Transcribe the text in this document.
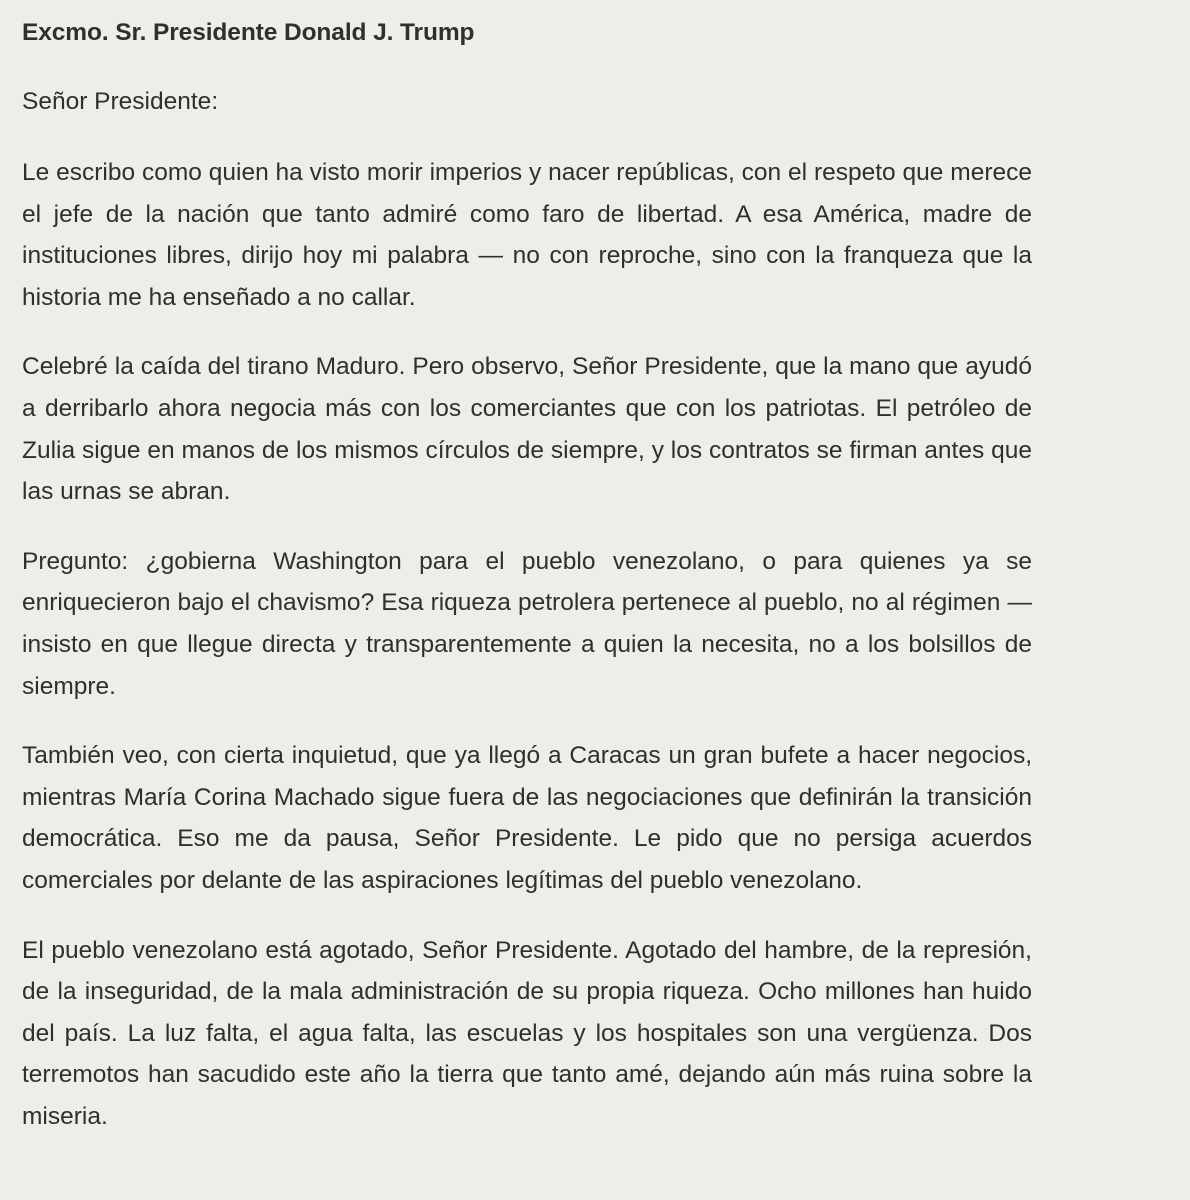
Excmo. Sr. Presidente Donald J. Trump
Señor Presidente:

Le escribo como quien ha visto morir imperios y nacer repúblicas, con el respeto que merece el jefe de la nación que tanto admiré como faro de libertad. A esa América, madre de instituciones libres, dirijo hoy mi palabra — no con reproche, sino con la franqueza que la historia me ha enseñado a no callar.

Celebré la caída del tirano Maduro. Pero observo, Señor Presidente, que la mano que ayudó a derribarlo ahora negocia más con los comerciantes que con los patriotas. El petróleo de Zulia sigue en manos de los mismos círculos de siempre, y los contratos se firman antes que las urnas se abran.

Pregunto: ¿gobierna Washington para el pueblo venezolano, o para quienes ya se enriquecieron bajo el chavismo? Esa riqueza petrolera pertenece al pueblo, no al régimen — insisto en que llegue directa y transparentemente a quien la necesita, no a los bolsillos de siempre.

También veo, con cierta inquietud, que ya llegó a Caracas un gran bufete a hacer negocios, mientras María Corina Machado sigue fuera de las negociaciones que definirán la transición democrática. Eso me da pausa, Señor Presidente. Le pido que no persiga acuerdos comerciales por delante de las aspiraciones legítimas del pueblo venezolano.

El pueblo venezolano está agotado, Señor Presidente. Agotado del hambre, de la represión, de la inseguridad, de la mala administración de su propia riqueza. Ocho millones han huido del país. La luz falta, el agua falta, las escuelas y los hospitales son una vergüenza. Dos terremotos han sacudido este año la tierra que tanto amé, dejando aún más ruina sobre la miseria.
